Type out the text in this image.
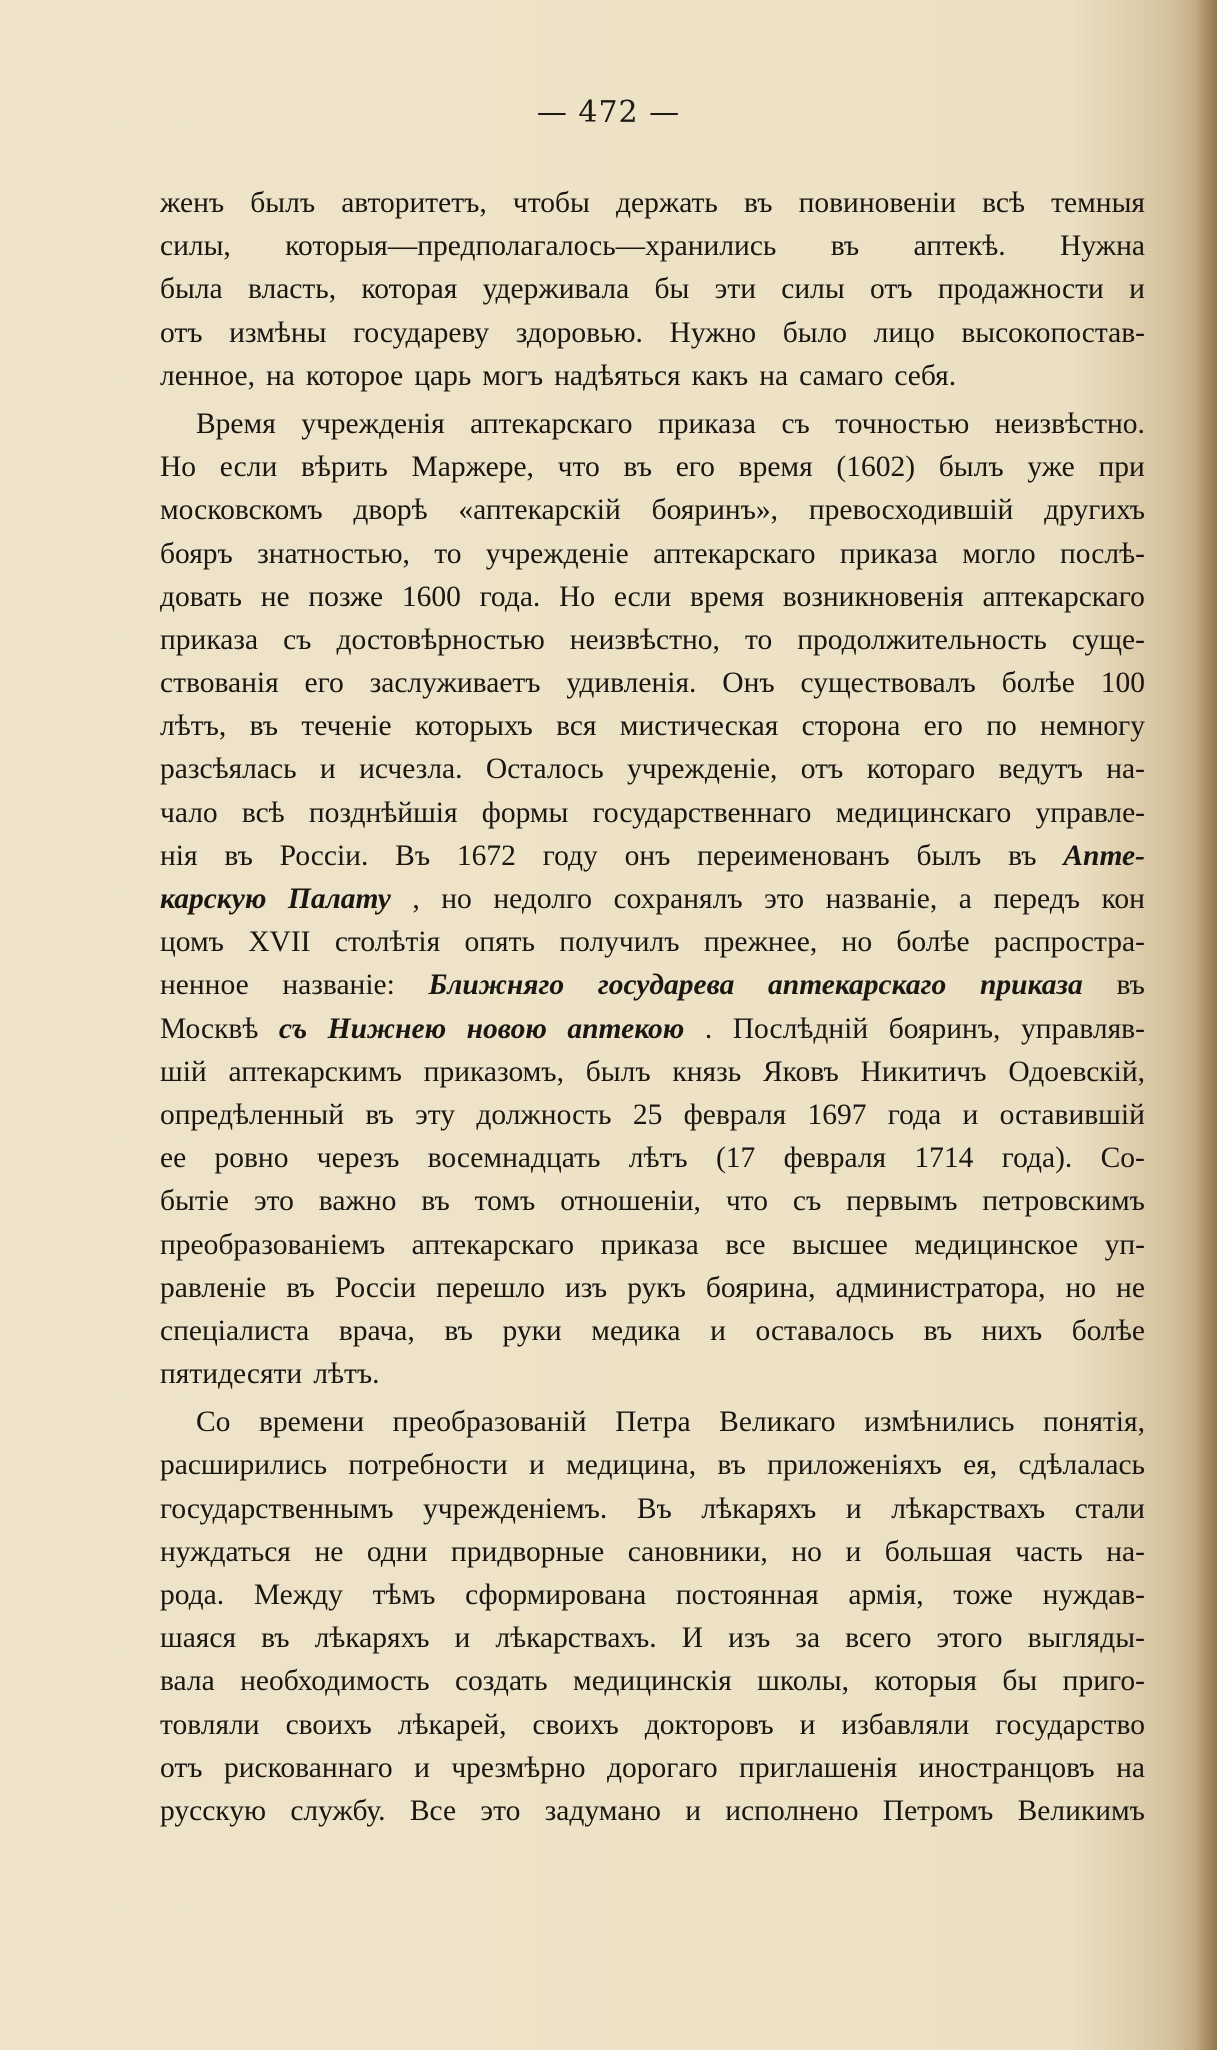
— 472 —
женъ былъ авторитетъ, чтобы держать въ повиновеніи всѣ темныя
силы, которыя—предполагалось—хранились въ аптекѣ. Нужна
была власть, которая удерживала бы эти силы отъ продажности и
отъ измѣны государеву здоровью. Нужно было лицо высокопостав-
ленное, на которое царь могъ надѣяться какъ на самаго себя.
Время учрежденія аптекарскаго приказа съ точностью неизвѣстно.
Но если вѣрить Маржере, что въ его время (1602) былъ уже при
московскомъ дворѣ «аптекарскій бояринъ», превосходившій другихъ
бояръ знатностью, то учрежденіе аптекарскаго приказа могло послѣ-
довать не позже 1600 года. Но если время возникновенія аптекарскаго
приказа съ достовѣрностью неизвѣстно, то продолжительность суще-
ствованія его заслуживаетъ удивленія. Онъ существовалъ болѣе 100
лѣтъ, въ теченіе которыхъ вся мистическая сторона его по немногу
разсѣялась и исчезла. Осталось учрежденіе, отъ котораго ведутъ на-
чало всѣ позднѣйшія формы государственнаго медицинскаго управле-
нія въ Россіи. Въ 1672 году онъ переименованъ былъ въ Апте-
карскую Палату , но недолго сохранялъ это названіе, а передъ кон
цомъ XVII столѣтія опять получилъ прежнее, но болѣе распростра-
ненное названіе: Ближняго государева аптекарскаго приказа въ
Москвѣ съ Нижнею новою аптекою . Послѣдній бояринъ, управляв-
шій аптекарскимъ приказомъ, былъ князь Яковъ Никитичъ Одоевскій,
опредѣленный въ эту должность 25 февраля 1697 года и оставившій
ее ровно черезъ восемнадцать лѣтъ (17 февраля 1714 года). Со-
бытіе это важно въ томъ отношеніи, что съ первымъ петровскимъ
преобразованіемъ аптекарскаго приказа все высшее медицинское уп-
равленіе въ Россіи перешло изъ рукъ боярина, администратора, но не
спеціалиста врача, въ руки медика и оставалось въ нихъ болѣе
пятидесяти лѣтъ.
Со времени преобразованій Петра Великаго измѣнились понятія,
расширились потребности и медицина, въ приложеніяхъ ея, сдѣлалась
государственнымъ учрежденіемъ. Въ лѣкаряхъ и лѣкарствахъ стали
нуждаться не одни придворные сановники, но и большая часть на-
рода. Между тѣмъ сформирована постоянная армія, тоже нуждав-
шаяся въ лѣкаряхъ и лѣкарствахъ. И изъ за всего этого выгляды-
вала необходимость создать медицинскія школы, которыя бы приго-
товляли своихъ лѣкарей, своихъ докторовъ и избавляли государство
отъ рискованнаго и чрезмѣрно дорогаго приглашенія иностранцовъ на
русскую службу. Все это задумано и исполнено Петромъ Великимъ
